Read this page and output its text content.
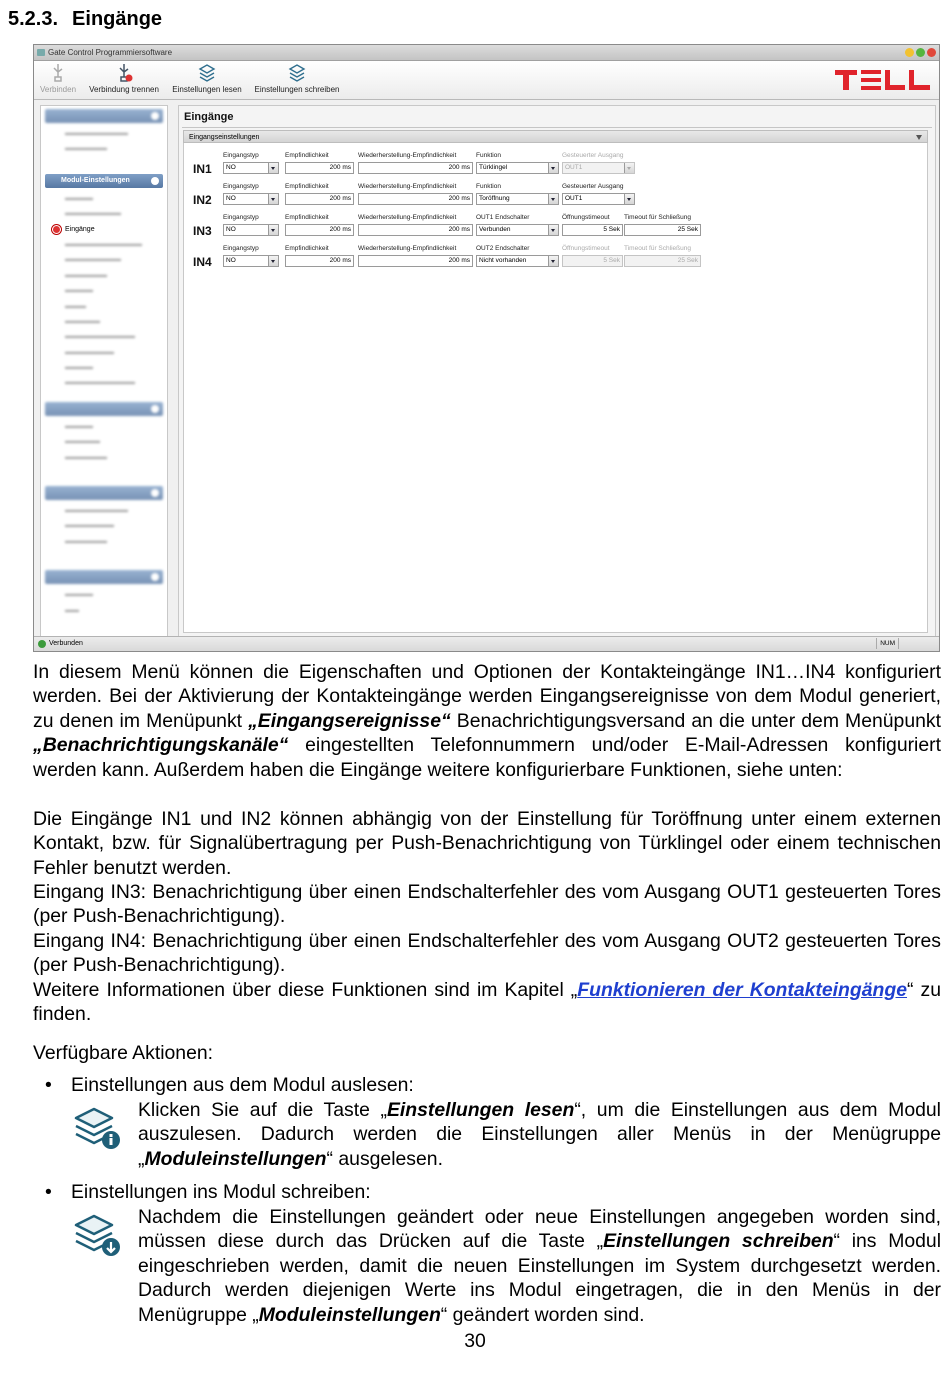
5.2.3. Eingänge
Gate Control Programmiersoftware
Verbinden	Verbindung trennen	Einstellungen lesen	Einstellungen schreiben
▬▬▬▬▬▬▬▬▬
▬▬▬▬▬▬
Modul-Einstellungen
▬▬▬▬
▬▬▬▬▬▬▬▬
Eingänge
▬▬▬▬▬▬▬▬▬▬▬
▬▬▬▬▬▬▬▬
▬▬▬▬▬▬
▬▬▬▬
▬▬▬
▬▬▬▬▬
▬▬▬▬▬▬▬▬▬▬
▬▬▬▬▬▬▬
▬▬▬▬
▬▬▬▬▬▬▬▬▬▬
▬▬▬▬
▬▬▬▬▬
▬▬▬▬▬▬
▬▬▬▬▬▬▬▬▬
▬▬▬▬▬▬▬
▬▬▬▬▬▬
▬▬▬▬
▬▬
Eingänge
Eingangseinstellungen
IN1
Eingangstyp
NO
Empfindlichkeit
200 ms
Wiederherstellung-Empfindlichkeit
200 ms
Funktion
Türklingel
Gesteuerter Ausgang
OUT1
IN2
Eingangstyp
NO
Empfindlichkeit
200 ms
Wiederherstellung-Empfindlichkeit
200 ms
Funktion
Toröffnung
Gesteuerter Ausgang
OUT1
IN3
Eingangstyp
NO
Empfindlichkeit
200 ms
Wiederherstellung-Empfindlichkeit
200 ms
OUT1 Endschalter
Verbunden
Öffnungstimeout
5 Sek
Timeout für Schließung
25 Sek
IN4
Eingangstyp
NO
Empfindlichkeit
200 ms
Wiederherstellung-Empfindlichkeit
200 ms
OUT2 Endschalter
Nicht vorhanden
Öffnungstimeout
5 Sek
Timeout für Schließung
25 Sek
Verbunden	NUM
In diesem Menü können die Eigenschaften und Optionen der Kontakteingänge IN1…IN4 konfiguriert werden. Bei der Aktivierung der Kontakteingänge werden Eingangsereignisse von dem Modul generiert, zu denen im Menüpunkt „Eingangsereignisse“ Benachrichtigungsversand an die unter dem Menüpunkt „Benachrichtigungskanäle“ eingestellten Telefonnummern und/oder E-Mail-Adressen konfiguriert werden kann. Außerdem haben die Eingänge weitere konfigurierbare Funktionen, siehe unten:
Die Eingänge IN1 und IN2 können abhängig von der Einstellung für Toröffnung unter einem externen Kontakt, bzw. für Signalübertragung per Push-Benachrichtigung von Türklingel oder einem technischen Fehler benutzt werden.
Eingang IN3: Benachrichtigung über einen Endschalterfehler des vom Ausgang OUT1 gesteuerten Tores (per Push-Benachrichtigung).
Eingang IN4: Benachrichtigung über einen Endschalterfehler des vom Ausgang OUT2 gesteuerten Tores (per Push-Benachrichtigung).
Weitere Informationen über diese Funktionen sind im Kapitel „Funktionieren der Kontakteingänge“ zu finden.
Verfügbare Aktionen:
• Einstellungen aus dem Modul auslesen:
Klicken Sie auf die Taste „Einstellungen lesen“, um die Einstellungen aus dem Modul auszulesen. Dadurch werden die Einstellungen aller Menüs in der Menügruppe „Moduleinstellungen“ ausgelesen.
• Einstellungen ins Modul schreiben:
Nachdem die Einstellungen geändert oder neue Einstellungen angegeben worden sind, müssen diese durch das Drücken auf die Taste „Einstellungen schreiben“ ins Modul eingeschrieben werden, damit die neuen Einstellungen im System durchgesetzt werden. Dadurch werden diejenigen Werte ins Modul eingetragen, die in den Menüs in der Menügruppe „Moduleinstellungen“ geändert worden sind.
30
